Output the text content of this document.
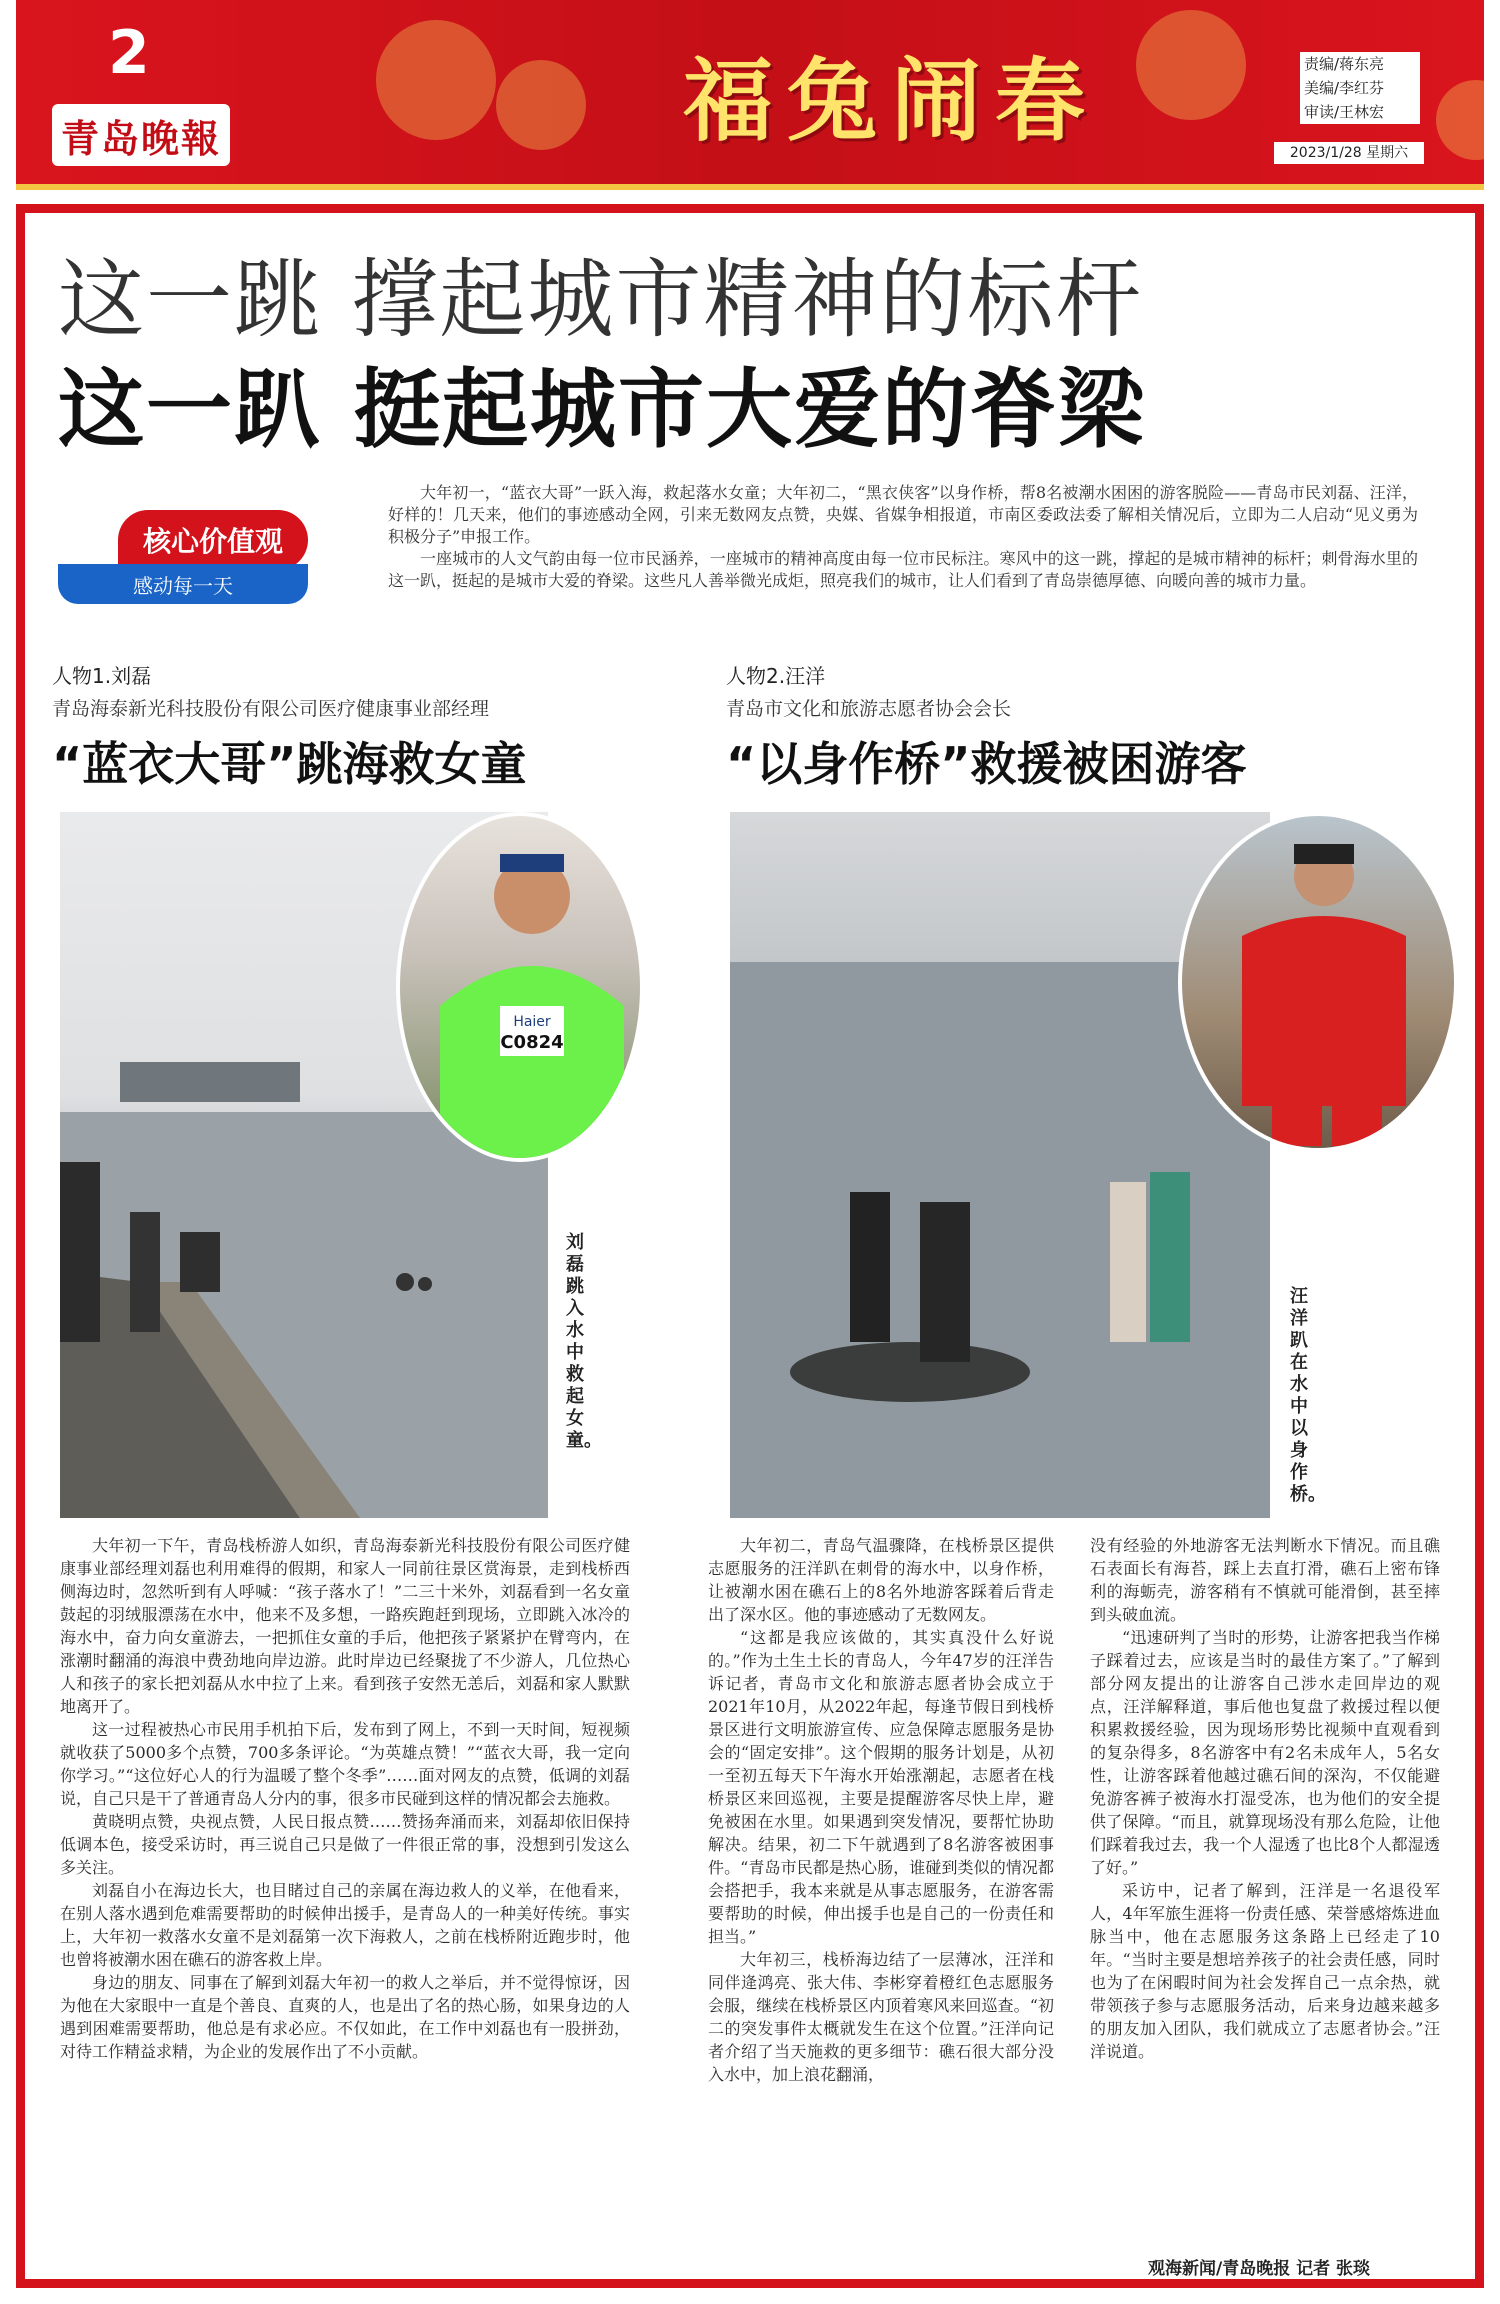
2
青岛晚報	福兔闹春	责编/蒋东亮
美编/李红芬
审读/王林宏
2023/1/28 星期六
这一跳 撑起城市精神的标杆
这一趴 挺起城市大爱的脊梁
核心价值观
感动每一天

大年初一，“蓝衣大哥”一跃入海，救起落水女童；大年初二，“黑衣侠客”以身作桥，帮8名被潮水困困的游客脱险——青岛市民刘磊、汪洋，好样的！几天来，他们的事迹感动全网，引来无数网友点赞，央媒、省媒争相报道，市南区委政法委了解相关情况后，立即为二人启动“见义勇为积极分子”申报工作。

一座城市的人文气韵由每一位市民涵养，一座城市的精神高度由每一位市民标注。寒风中的这一跳，撑起的是城市精神的标杆；刺骨海水里的这一趴，挺起的是城市大爱的脊梁。这些凡人善举微光成炬，照亮我们的城市，让人们看到了青岛崇德厚德、向暖向善的城市力量。

人物1.刘磊
青岛海泰新光科技股份有限公司医疗健康事业部经理
“蓝衣大哥”跳海救女童
Haier
C0824
刘磊跳入水中救起女童。

大年初一下午，青岛栈桥游人如织，青岛海泰新光科技股份有限公司医疗健康事业部经理刘磊也利用难得的假期，和家人一同前往景区赏海景，走到栈桥西侧海边时，忽然听到有人呼喊：“孩子落水了！”二三十米外，刘磊看到一名女童鼓起的羽绒服漂荡在水中，他来不及多想，一路疾跑赶到现场，立即跳入冰冷的海水中，奋力向女童游去，一把抓住女童的手后，他把孩子紧紧护在臂弯内，在涨潮时翻涌的海浪中费劲地向岸边游。此时岸边已经聚拢了不少游人，几位热心人和孩子的家长把刘磊从水中拉了上来。看到孩子安然无恙后，刘磊和家人默默地离开了。

这一过程被热心市民用手机拍下后，发布到了网上，不到一天时间，短视频就收获了5000多个点赞，700多条评论。“为英雄点赞！”“蓝衣大哥，我一定向你学习。”“这位好心人的行为温暖了整个冬季”……面对网友的点赞，低调的刘磊说，自己只是干了普通青岛人分内的事，很多市民碰到这样的情况都会去施救。

黄晓明点赞，央视点赞，人民日报点赞……赞扬奔涌而来，刘磊却依旧保持低调本色，接受采访时，再三说自己只是做了一件很正常的事，没想到引发这么多关注。

刘磊自小在海边长大，也目睹过自己的亲属在海边救人的义举，在他看来，在别人落水遇到危难需要帮助的时候伸出援手，是青岛人的一种美好传统。事实上，大年初一救落水女童不是刘磊第一次下海救人，之前在栈桥附近跑步时，他也曾将被潮水困在礁石的游客救上岸。

身边的朋友、同事在了解到刘磊大年初一的救人之举后，并不觉得惊讶，因为他在大家眼中一直是个善良、直爽的人，也是出了名的热心肠，如果身边的人遇到困难需要帮助，他总是有求必应。不仅如此，在工作中刘磊也有一股拼劲，对待工作精益求精，为企业的发展作出了不小贡献。

人物2.汪洋
青岛市文化和旅游志愿者协会会长
“以身作桥”救援被困游客
汪洋趴在水中以身作桥。

大年初二，青岛气温骤降，在栈桥景区提供志愿服务的汪洋趴在刺骨的海水中，以身作桥，让被潮水困在礁石上的8名外地游客踩着后背走出了深水区。他的事迹感动了无数网友。

“这都是我应该做的，其实真没什么好说的。”作为土生土长的青岛人，今年47岁的汪洋告诉记者，青岛市文化和旅游志愿者协会成立于2021年10月，从2022年起，每逢节假日到栈桥景区进行文明旅游宣传、应急保障志愿服务是协会的“固定安排”。这个假期的服务计划是，从初一至初五每天下午海水开始涨潮起，志愿者在栈桥景区来回巡视，主要是提醒游客尽快上岸，避免被困在水里。如果遇到突发情况，要帮忙协助解决。结果，初二下午就遇到了8名游客被困事件。“青岛市民都是热心肠，谁碰到类似的情况都会搭把手，我本来就是从事志愿服务，在游客需要帮助的时候，伸出援手也是自己的一份责任和担当。”

大年初三，栈桥海边结了一层薄冰，汪洋和同伴逄鸿亮、张大伟、李彬穿着橙红色志愿服务会服，继续在栈桥景区内顶着寒风来回巡查。“初二的突发事件太概就发生在这个位置。”汪洋向记者介绍了当天施救的更多细节：礁石很大部分没入水中，加上浪花翻涌，

没有经验的外地游客无法判断水下情况。而且礁石表面长有海苔，踩上去直打滑，礁石上密布锋利的海蛎壳，游客稍有不慎就可能滑倒，甚至摔到头破血流。

“迅速研判了当时的形势，让游客把我当作梯子踩着过去，应该是当时的最佳方案了。”了解到部分网友提出的让游客自己涉水走回岸边的观点，汪洋解释道，事后他也复盘了救援过程以便积累救援经验，因为现场形势比视频中直观看到的复杂得多，8名游客中有2名未成年人，5名女性，让游客踩着他越过礁石间的深沟，不仅能避免游客裤子被海水打湿受冻，也为他们的安全提供了保障。“而且，就算现场没有那么危险，让他们踩着我过去，我一个人湿透了也比8个人都湿透了好。”

采访中，记者了解到，汪洋是一名退役军人，4年军旅生涯将一份责任感、荣誉感熔炼进血脉当中，他在志愿服务这条路上已经走了10年。“当时主要是想培养孩子的社会责任感，同时也为了在闲暇时间为社会发挥自己一点余热，就带领孩子参与志愿服务活动，后来身边越来越多的朋友加入团队，我们就成立了志愿者协会。”汪洋说道。

观海新闻/青岛晚报 记者 张琰
